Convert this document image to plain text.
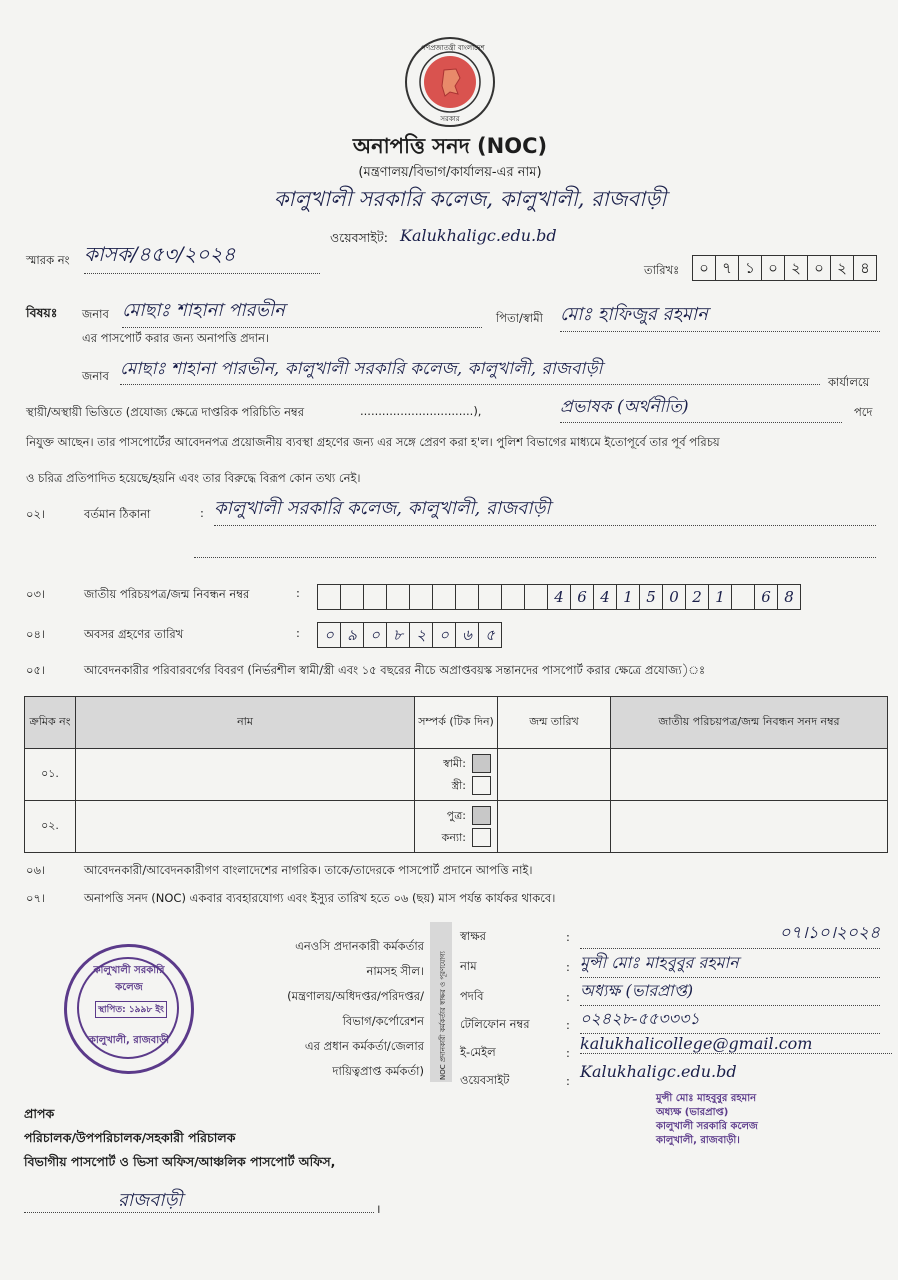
গণপ্রজাতন্ত্রী বাংলাদেশ
সরকার
অনাপত্তি সনদ (NOC)
(মন্ত্রণালয়/বিভাগ/কার্যালয়-এর নাম)
কালুখালী সরকারি কলেজ, কালুখালী, রাজবাড়ী
ওয়েবসাইট: Kalukhaligc.edu.bd
স্মারক নং কাসক/৪৫৩/২০২৪
তারিখঃ	০ ৭ ১ ০ ২ ০ ২ ৪
বিষয়ঃ জনাব মোছাঃ শাহানা পারভীন	পিতা/স্বামী মোঃ হাফিজুর রহমান
এর পাসপোর্ট করার জন্য অনাপত্তি প্রদান।
জনাব মোছাঃ শাহানা পারভীন, কালুখালী সরকারি কলেজ, কালুখালী, রাজবাড়ী
কার্যালয়ে
স্থায়ী/অস্থায়ী ভিত্তিতে (প্রযোজ্য ক্ষেত্রে দাপ্তরিক পরিচিতি নম্বর	...............................),	প্রভাষক (অর্থনীতি)	পদে
নিযুক্ত আছেন। তার পাসপোর্টের আবেদনপত্র প্রয়োজনীয় ব্যবস্থা গ্রহণের জন্য এর সঙ্গে প্রেরণ করা হ'ল। পুলিশ বিভাগের মাধ্যমে ইতোপূর্বে তার পূর্ব পরিচয়
ও চরিত্র প্রতিপাদিত হয়েছে/হয়নি এবং তার বিরুদ্ধে বিরূপ কোন তথ্য নেই।
০২।	বর্তমান ঠিকানা	: কালুখালী সরকারি কলেজ, কালুখালী, রাজবাড়ী
০৩।	জাতীয় পরিচয়পত্র/জন্ম নিবন্ধন নম্বর	:	4 6 4 1 5 0 2 1	6 8
০৪।	অবসর গ্রহণের তারিখ	:	০ ৯ ০ ৮ ২ ০ ৬ ৫
০৫।	আবেদনকারীর পরিবারবর্গের বিবরণ (নির্ভরশীল স্বামী/স্ত্রী এবং ১৫ বছরের নীচে অপ্রাপ্তবয়স্ক সন্তানদের পাসপোর্ট করার ক্ষেত্রে প্রযোজ্য)ঃ
ক্রমিক নং	নাম	সম্পর্ক (টিক দিন)	জন্ম তারিখ	জাতীয় পরিচয়পত্র/জন্ম নিবন্ধন সনদ নম্বর
০১.		স্বামী:
স্ত্রী:		
০২.		পুত্র:
কন্যা:		
০৬।	আবেদনকারী/আবেদনকারীগণ বাংলাদেশের নাগরিক। তাকে/তাদেরকে পাসপোর্ট প্রদানে আপত্তি নাই।
০৭।	অনাপত্তি সনদ (NOC) একবার ব্যবহারযোগ্য এবং ইস্যুর তারিখ হতে ০৬ (ছয়) মাস পর্যন্ত কার্যকর থাকবে।
কালুখালী সরকারি কলেজ
স্থাপিত: ১৯৯৮ ইং
কালুখালী, রাজবাড়ী
এনওসি প্রদানকারী কর্মকর্তার
নামসহ সীল।
(মন্ত্রণালয়/অধিদপ্তর/পরিদপ্তর/
বিভাগ/কর্পোরেশন
এর প্রধান কর্মকর্তা/জেলার
দায়িত্বপ্রাপ্ত কর্মকর্তা) NOC প্রদানকারী কর্মকর্তার স্বাক্ষর ও পূরণযোগ্য
স্বাক্ষর	:	০৭।১০।২০২৪
নাম	: মুন্সী মোঃ মাহবুবুর রহমান
পদবি	: অধ্যক্ষ (ভারপ্রাপ্ত)
টেলিফোন নম্বর	: ০২৪২৮-৫৫৩৩৩১
ই-মেইল	: kalukhalicollege@gmail.com
ওয়েবসাইট	: Kalukhaligc.edu.bd
মুন্সী মোঃ মাহবুবুর রহমান
অধ্যক্ষ (ভারপ্রাপ্ত)
কালুখালী সরকারি কলেজ
কালুখালী, রাজবাড়ী।
প্রাপক
পরিচালক/উপপরিচালক/সহকারী পরিচালক
বিভাগীয় পাসপোর্ট ও ভিসা অফিস/আঞ্চলিক পাসপোর্ট অফিস,
রাজবাড়ী	।
